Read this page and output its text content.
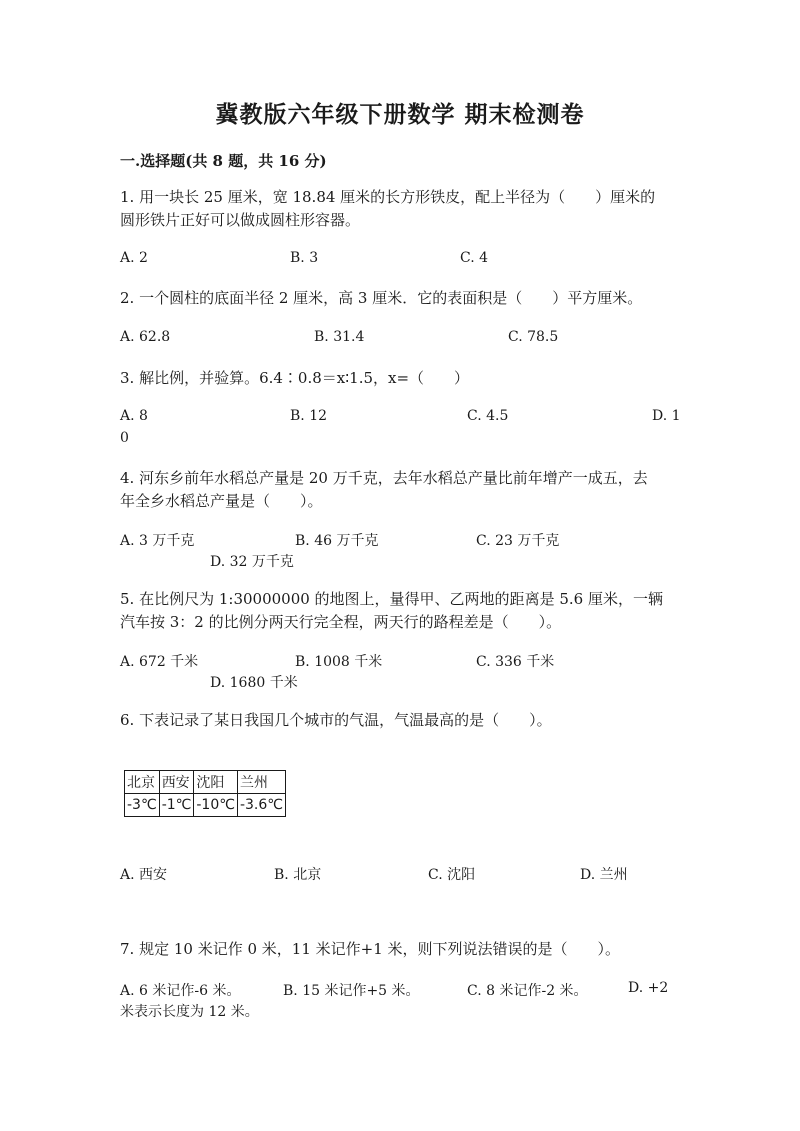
冀教版六年级下册数学 期末检测卷
一.选择题(共 8 题，共 16 分)
1. 用一块长 25 厘米，宽 18.84 厘米的长方形铁皮，配上半径为（　　）厘米的
圆形铁片正好可以做成圆柱形容器。
A. 2	B. 3	C. 4
2. 一个圆柱的底面半径 2 厘米，高 3 厘米．它的表面积是（　　）平方厘米。
A. 62.8	B. 31.4	C. 78.5
3. 解比例，并验算。6.4∶0.8＝x∶1.5，x=（　　）
A. 8	B. 12	C. 4.5	D. 1
0
4. 河东乡前年水稻总产量是 20 万千克，去年水稻总产量比前年增产一成五，去
年全乡水稻总产量是（　　）。
A. 3 万千克	B. 46 万千克	C. 23 万千克
D. 32 万千克
5. 在比例尺为 1:30000000 的地图上，量得甲、乙两地的距离是 5.6 厘米，一辆
汽车按 3：2 的比例分两天行完全程，两天行的路程差是（　　）。
A. 672 千米	B. 1008 千米	C. 336 千米
D. 1680 千米
6. 下表记录了某日我国几个城市的气温，气温最高的是（　　）。
北京	西安	沈阳	兰州
-3℃	-1℃	-10℃	-3.6℃
A. 西安	B. 北京	C. 沈阳	D. 兰州
7. 规定 10 米记作 0 米，11 米记作+1 米，则下列说法错误的是（　　）。
A. 6 米记作-6 米。	B. 15 米记作+5 米。	C. 8 米记作-2 米。	D. +2
米表示长度为 12 米。
